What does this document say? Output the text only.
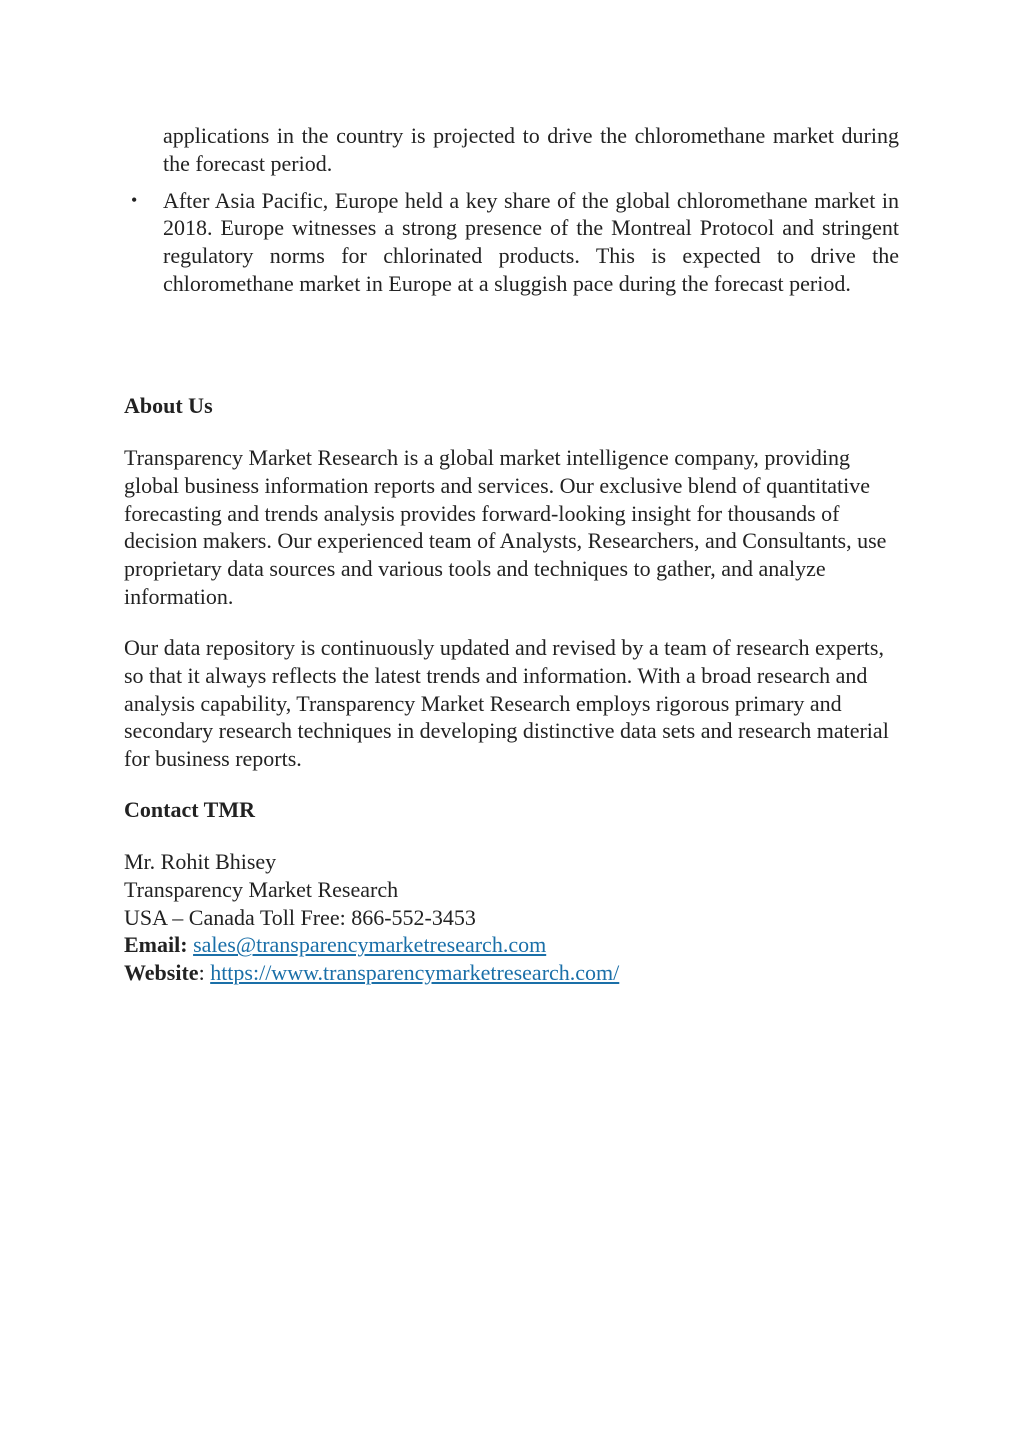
applications in the country is projected to drive the chloromethane market during the forecast period.
• After Asia Pacific, Europe held a key share of the global chloromethane market in 2018. Europe witnesses a strong presence of the Montreal Protocol and stringent regulatory norms for chlorinated products. This is expected to drive the chloromethane market in Europe at a sluggish pace during the forecast period.
About Us

Transparency Market Research is a global market intelligence company, providing global business information reports and services. Our exclusive blend of quantitative forecasting and trends analysis provides forward-looking insight for thousands of decision makers. Our experienced team of Analysts, Researchers, and Consultants, use proprietary data sources and various tools and techniques to gather, and analyze information.

Our data repository is continuously updated and revised by a team of research experts, so that it always reflects the latest trends and information. With a broad research and analysis capability, Transparency Market Research employs rigorous primary and secondary research techniques in developing distinctive data sets and research material for business reports.

Contact TMR
Mr. Rohit Bhisey
Transparency Market Research
USA – Canada Toll Free: 866-552-3453
Email: sales@transparencymarketresearch.com
Website: https://www.transparencymarketresearch.com/
